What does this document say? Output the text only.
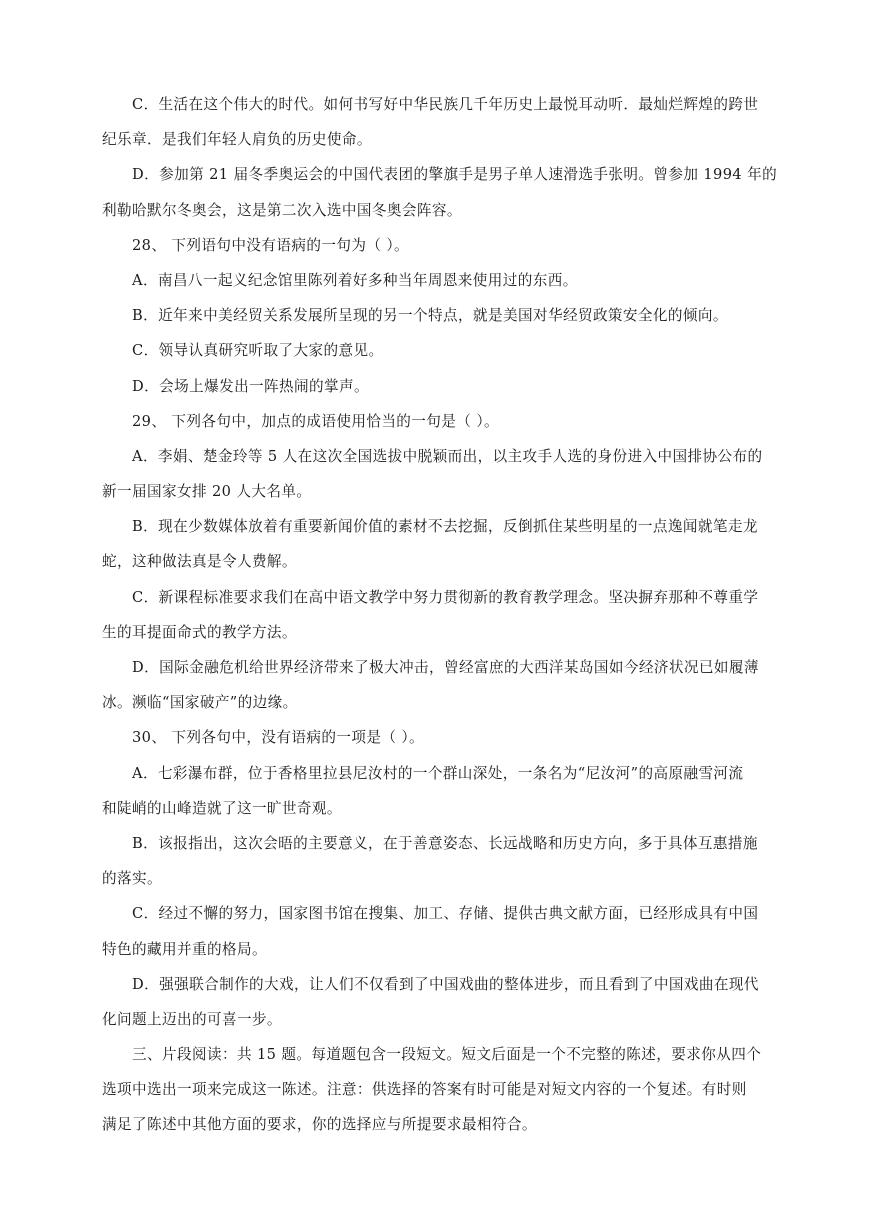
C．生活在这个伟大的时代。如何书写好中华民族几千年历史上最悦耳动听．最灿烂辉煌的跨世
纪乐章．是我们年轻人肩负的历史使命。
D．参加第 21 届冬季奥运会的中国代表团的擎旗手是男子单人速滑选手张明。曾参加 1994 年的
利勒哈默尔冬奥会，这是第二次入选中国冬奥会阵容。
28、 下列语句中没有语病的一句为（ ）。
A．南昌八一起义纪念馆里陈列着好多种当年周恩来使用过的东西。
B．近年来中美经贸关系发展所呈现的另一个特点，就是美国对华经贸政策安全化的倾向。
C．领导认真研究听取了大家的意见。
D．会场上爆发出一阵热闹的掌声。
29、 下列各句中，加点的成语使用恰当的一句是（ ）。
A．李娟、楚金玲等 5 人在这次全国选拔中脱颖而出，以主攻手人选的身份进入中国排协公布的
新一届国家女排 20 人大名单。
B．现在少数媒体放着有重要新闻价值的素材不去挖掘，反倒抓住某些明星的一点逸闻就笔走龙
蛇，这种做法真是令人费解。
C．新课程标准要求我们在高中语文教学中努力贯彻新的教育教学理念。坚决摒弃那种不尊重学
生的耳提面命式的教学方法。
D．国际金融危机给世界经济带来了极大冲击，曾经富庶的大西洋某岛国如今经济状况已如履薄
冰。濒临“国家破产”的边缘。
30、 下列各句中，没有语病的一项是（ ）。
A．七彩瀑布群，位于香格里拉县尼汝村的一个群山深处，一条名为“尼汝河”的高原融雪河流
和陡峭的山峰造就了这一旷世奇观。
B．该报指出，这次会晤的主要意义，在于善意姿态、长远战略和历史方向，多于具体互惠措施
的落实。
C．经过不懈的努力，国家图书馆在搜集、加工、存储、提供古典文献方面，已经形成具有中国
特色的藏用并重的格局。
D．强强联合制作的大戏，让人们不仅看到了中国戏曲的整体进步，而且看到了中国戏曲在现代
化问题上迈出的可喜一步。
三、片段阅读：共 15 题。每道题包含一段短文。短文后面是一个不完整的陈述，要求你从四个
选项中选出一项来完成这一陈述。注意：供选择的答案有时可能是对短文内容的一个复述。有时则
满足了陈述中其他方面的要求，你的选择应与所提要求最相符合。
